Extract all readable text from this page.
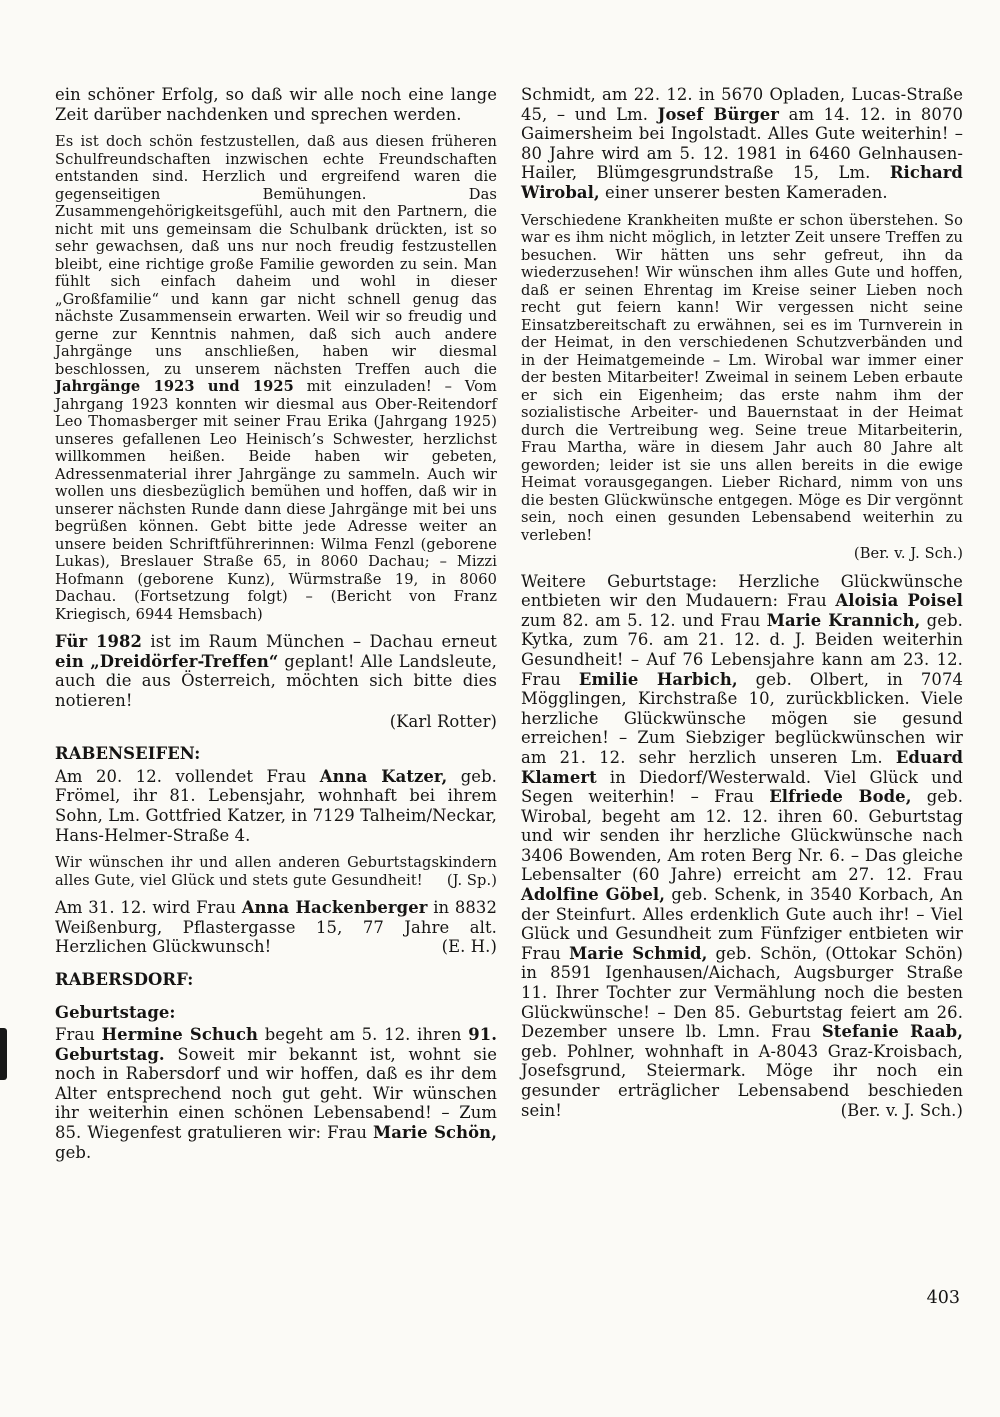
ein schöner Erfolg, so daß wir alle noch eine lange Zeit darüber nachdenken und sprechen werden.

Es ist doch schön festzustellen, daß aus diesen früheren Schulfreundschaften inzwischen echte Freundschaften entstanden sind. Herzlich und ergreifend waren die gegenseitigen Bemühungen. Das Zusammengehörigkeitsgefühl, auch mit den Partnern, die nicht mit uns gemeinsam die Schulbank drückten, ist so sehr gewachsen, daß uns nur noch freudig festzustellen bleibt, eine richtige große Familie geworden zu sein. Man fühlt sich einfach daheim und wohl in dieser „Großfamilie“ und kann gar nicht schnell genug das nächste Zusammensein erwarten. Weil wir so freudig und gerne zur Kenntnis nahmen, daß sich auch andere Jahrgänge uns anschließen, haben wir diesmal beschlossen, zu unserem nächsten Treffen auch die Jahrgänge 1923 und 1925 mit einzuladen! – Vom Jahrgang 1923 konnten wir diesmal aus Ober-Reitendorf Leo Thomasberger mit seiner Frau Erika (Jahrgang 1925) unseres gefallenen Leo Heinisch’s Schwester, herzlichst willkommen heißen. Beide haben wir gebeten, Adressenmaterial ihrer Jahrgänge zu sammeln. Auch wir wollen uns diesbezüglich bemühen und hoffen, daß wir in unserer nächsten Runde dann diese Jahrgänge mit bei uns begrüßen können. Gebt bitte jede Adresse weiter an unsere beiden Schriftführerinnen: Wilma Fenzl (geborene Lukas), Breslauer Straße 65, in 8060 Dachau; – Mizzi Hofmann (geborene Kunz), Würmstraße 19, in 8060 Dachau. (Fortsetzung folgt) – (Bericht von Franz Kriegisch, 6944 Hemsbach)

Für 1982 ist im Raum München – Dachau erneut ein „Dreidörfer-Treffen“ geplant! Alle Landsleute, auch die aus Österreich, möchten sich bitte dies notieren!
(Karl Rotter)

RABENSEIFEN:

Am 20. 12. vollendet Frau Anna Katzer, geb. Frömel, ihr 81. Lebensjahr, wohnhaft bei ihrem Sohn, Lm. Gottfried Katzer, in 7129 Talheim/Neckar, Hans-Helmer-Straße 4.

Wir wünschen ihr und allen anderen Geburtstagskindern alles Gute, viel Glück und stets gute Gesundheit! (J. Sp.)

Am 31. 12. wird Frau Anna Hackenberger in 8832 Weißenburg, Pflastergasse 15, 77 Jahre alt. Herzlichen Glückwunsch!	(E. H.)

RABERSDORF:

Geburtstage:

Frau Hermine Schuch begeht am 5. 12. ihren 91. Geburtstag. Soweit mir bekannt ist, wohnt sie noch in Rabersdorf und wir hoffen, daß es ihr dem Alter entsprechend noch gut geht. Wir wünschen ihr weiterhin einen schönen Lebensabend! – Zum 85. Wiegenfest gratulieren wir: Frau Marie Schön, geb.

Schmidt, am 22. 12. in 5670 Opladen, Lucas-Straße 45, – und Lm. Josef Bürger am 14. 12. in 8070 Gaimersheim bei Ingolstadt. Alles Gute weiterhin! – 80 Jahre wird am 5. 12. 1981 in 6460 Gelnhausen-Hailer, Blümgesgrundstraße 15, Lm. Richard Wirobal, einer unserer besten Kameraden.

Verschiedene Krankheiten mußte er schon überstehen. So war es ihm nicht möglich, in letzter Zeit unsere Treffen zu besuchen. Wir hätten uns sehr gefreut, ihn da wiederzusehen! Wir wünschen ihm alles Gute und hoffen, daß er seinen Ehrentag im Kreise seiner Lieben noch recht gut feiern kann! Wir vergessen nicht seine Einsatzbereitschaft zu erwähnen, sei es im Turnverein in der Heimat, in den verschiedenen Schutzverbänden und in der Heimatgemeinde – Lm. Wirobal war immer einer der besten Mitarbeiter! Zweimal in seinem Leben erbaute er sich ein Eigenheim; das erste nahm ihm der sozialistische Arbeiter- und Bauernstaat in der Heimat durch die Vertreibung weg. Seine treue Mitarbeiterin, Frau Martha, wäre in diesem Jahr auch 80 Jahre alt geworden; leider ist sie uns allen bereits in die ewige Heimat vorausgegangen. Lieber Richard, nimm von uns die besten Glückwünsche entgegen. Möge es Dir vergönnt sein, noch einen gesunden Lebensabend weiterhin zu verleben!
(Ber. v. J. Sch.)

Weitere Geburtstage: Herzliche Glückwünsche entbieten wir den Mudauern: Frau Aloisia Poisel zum 82. am 5. 12. und Frau Marie Krannich, geb. Kytka, zum 76. am 21. 12. d. J. Beiden weiterhin Gesundheit! – Auf 76 Lebensjahre kann am 23. 12. Frau Emilie Harbich, geb. Olbert, in 7074 Mögglingen, Kirchstraße 10, zurückblicken. Viele herzliche Glückwünsche mögen sie gesund erreichen! – Zum Siebziger beglückwünschen wir am 21. 12. sehr herzlich unseren Lm. Eduard Klamert in Diedorf/Westerwald. Viel Glück und Segen weiterhin! – Frau Elfriede Bode, geb. Wirobal, begeht am 12. 12. ihren 60. Geburtstag und wir senden ihr herzliche Glückwünsche nach 3406 Bowenden, Am roten Berg Nr. 6. – Das gleiche Lebensalter (60 Jahre) erreicht am 27. 12. Frau Adolfine Göbel, geb. Schenk, in 3540 Korbach, An der Steinfurt. Alles erdenklich Gute auch ihr! – Viel Glück und Gesundheit zum Fünfziger entbieten wir Frau Marie Schmid, geb. Schön, (Ottokar Schön) in 8591 Igenhausen/Aichach, Augsburger Straße 11. Ihrer Tochter zur Vermählung noch die besten Glückwünsche! – Den 85. Geburtstag feiert am 26. Dezember unsere lb. Lmn. Frau Stefanie Raab, geb. Pohlner, wohnhaft in A-8043 Graz-Kroisbach, Josefsgrund, Steiermark. Möge ihr noch ein gesunder erträglicher Lebensabend beschieden sein!	(Ber. v. J. Sch.)

403
